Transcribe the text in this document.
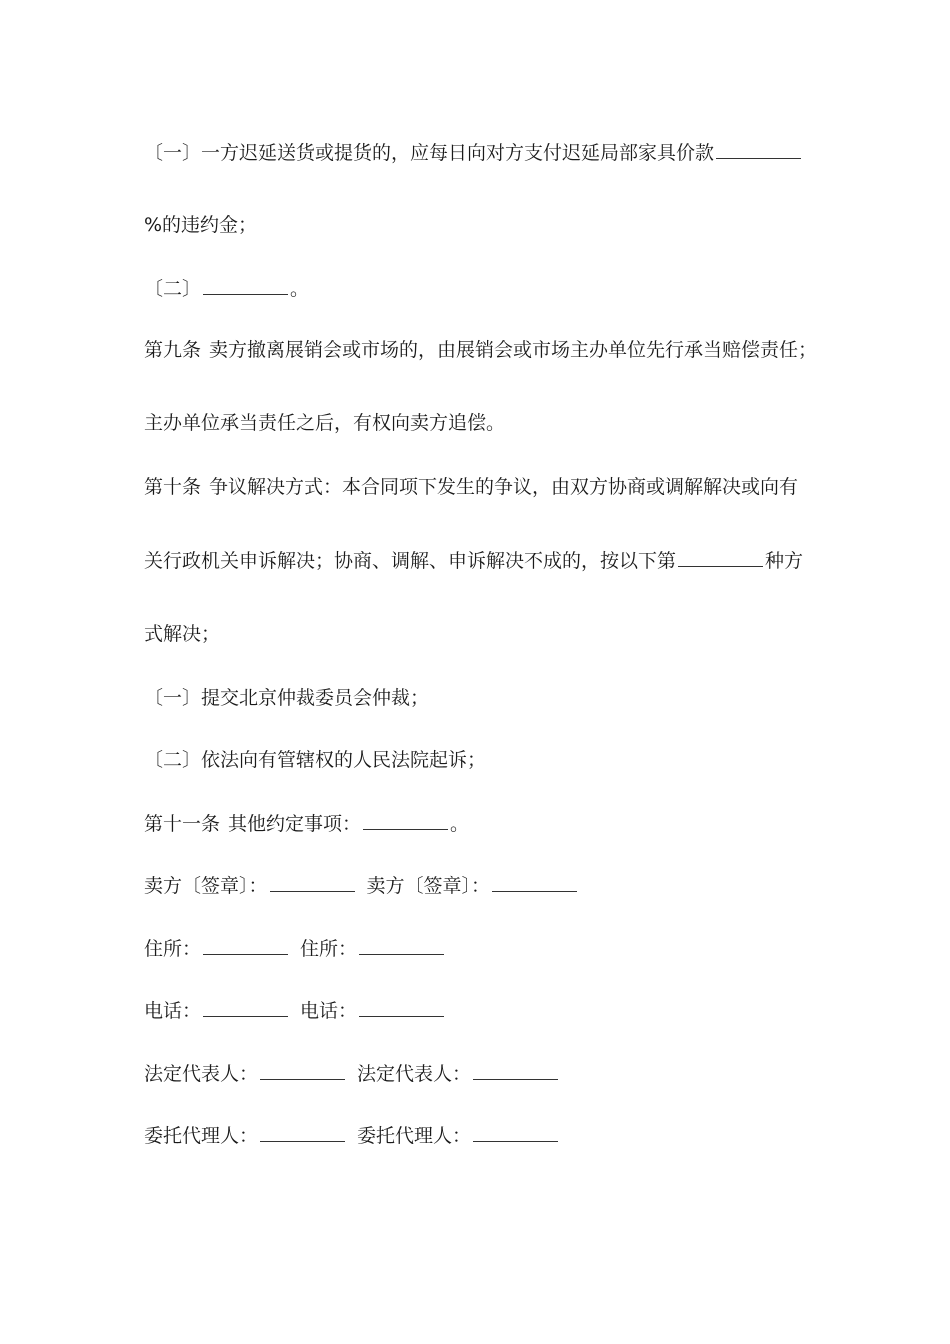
〔一〕一方迟延送货或提货的，应每日向对方支付迟延局部家具价款
%的违约金；
〔二〕	。
第九条 卖方撤离展销会或市场的，由展销会或市场主办单位先行承当赔偿责任；
主办单位承当责任之后，有权向卖方追偿。
第十条 争议解决方式：本合同项下发生的争议，由双方协商或调解解决或向有
关行政机关申诉解决；协商、调解、申诉解决不成的，按以下第	种方
式解决；
〔一〕提交北京仲裁委员会仲裁；
〔二〕依法向有管辖权的人民法院起诉；
第十一条 其他约定事项：	。
卖方〔签章〕：	卖方〔签章〕：
住所：	住所：
电话：	电话：
法定代表人：	法定代表人：
委托代理人：	委托代理人：
